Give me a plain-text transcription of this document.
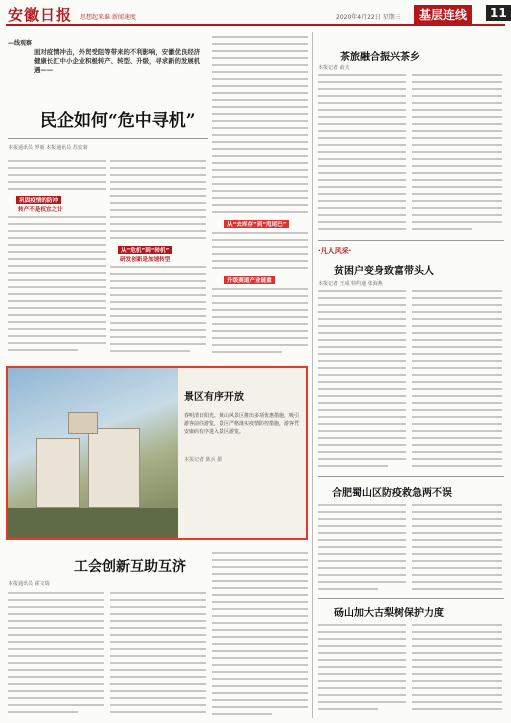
安徽日报 思想起来谁 新闻速度	2020年4月22日 星期三	基层连线	11
—线观察
面对疫情冲击，外贸受阻等带来的不利影响，安徽优良经济健康长汇中小企业积极转产、转型、升级，寻求新的发展机遇——
民企如何“危中寻机”
本报通讯员 罗新 本报通讯员 苏安菊
巩固疫情的防冲
转产不是权宜之计
从“危机”到“转机”
研发创新是加速转型
从“去库存”到“甩尾巴”
升级赛道产业链重
茶旅融合振兴茶乡
本报记者 俞夫
·凡人风采·
贫困户变身致富带头人
本报记者 王成 特约通 张海燕
合肥蜀山区防疫救急两不误
砀山加大古梨树保护力度
景区有序开放
春明清日阳光。黄山风景区推出多项优惠措施，吸引游客前往游览，景区严格落实疫情防控措施，游客凭安康码有序进入景区游览。
本报记者 陈兵 摄
工会创新互助互济
本报通讯员 霍文瑞
